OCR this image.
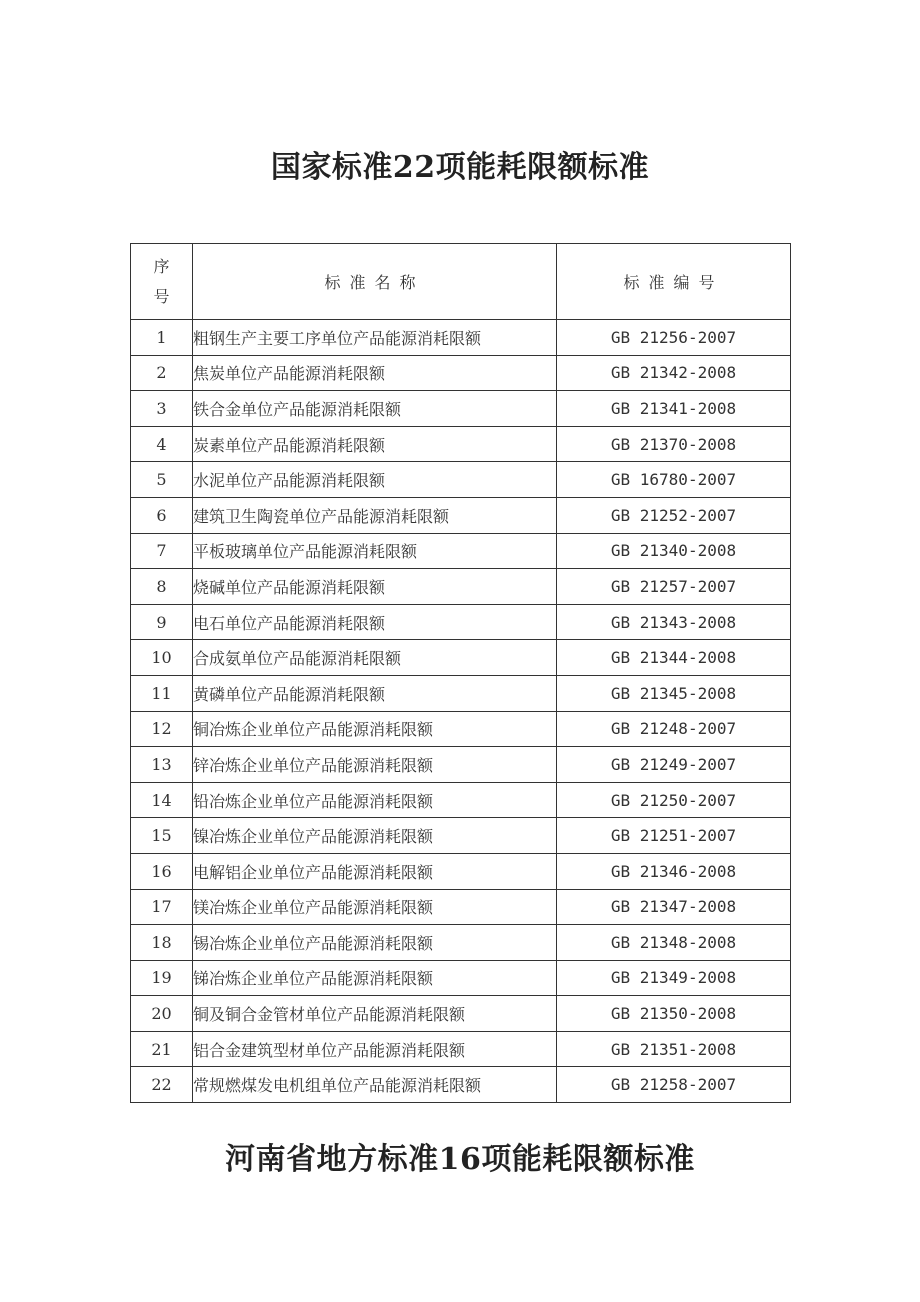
国家标准22项能耗限额标准
序
号	标准名称	标准编号
1	粗钢生产主要工序单位产品能源消耗限额	GB 21256-2007
2	焦炭单位产品能源消耗限额	GB 21342-2008
3	铁合金单位产品能源消耗限额	GB 21341-2008
4	炭素单位产品能源消耗限额	GB 21370-2008
5	水泥单位产品能源消耗限额	GB 16780-2007
6	建筑卫生陶瓷单位产品能源消耗限额	GB 21252-2007
7	平板玻璃单位产品能源消耗限额	GB 21340-2008
8	烧碱单位产品能源消耗限额	GB 21257-2007
9	电石单位产品能源消耗限额	GB 21343-2008
10	合成氨单位产品能源消耗限额	GB 21344-2008
11	黄磷单位产品能源消耗限额	GB 21345-2008
12	铜冶炼企业单位产品能源消耗限额	GB 21248-2007
13	锌冶炼企业单位产品能源消耗限额	GB 21249-2007
14	铅冶炼企业单位产品能源消耗限额	GB 21250-2007
15	镍冶炼企业单位产品能源消耗限额	GB 21251-2007
16	电解铝企业单位产品能源消耗限额	GB 21346-2008
17	镁冶炼企业单位产品能源消耗限额	GB 21347-2008
18	锡冶炼企业单位产品能源消耗限额	GB 21348-2008
19	锑冶炼企业单位产品能源消耗限额	GB 21349-2008
20	铜及铜合金管材单位产品能源消耗限额	GB 21350-2008
21	铝合金建筑型材单位产品能源消耗限额	GB 21351-2008
22	常规燃煤发电机组单位产品能源消耗限额	GB 21258-2007
河南省地方标准16项能耗限额标准
